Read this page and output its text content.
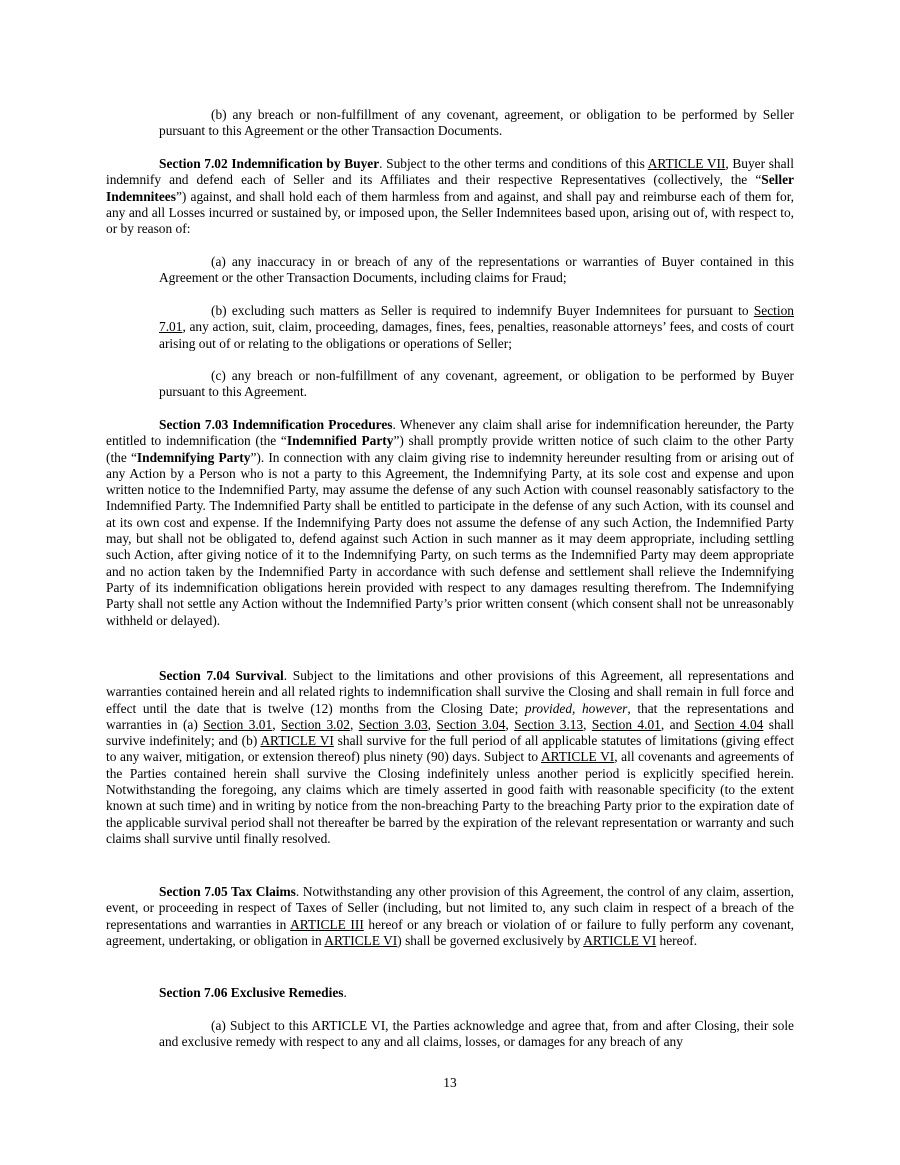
(b) any breach or non-fulfillment of any covenant, agreement, or obligation to be performed by Seller pursuant to this Agreement or the other Transaction Documents.

Section 7.02 Indemnification by Buyer. Subject to the other terms and conditions of this ARTICLE VII, Buyer shall indemnify and defend each of Seller and its Affiliates and their respective Representatives (collectively, the “Seller Indemnitees”) against, and shall hold each of them harmless from and against, and shall pay and reimburse each of them for, any and all Losses incurred or sustained by, or imposed upon, the Seller Indemnitees based upon, arising out of, with respect to, or by reason of:

(a) any inaccuracy in or breach of any of the representations or warranties of Buyer contained in this Agreement or the other Transaction Documents, including claims for Fraud;

(b) excluding such matters as Seller is required to indemnify Buyer Indemnitees for pursuant to Section 7.01, any action, suit, claim, proceeding, damages, fines, fees, penalties, reasonable attorneys’ fees, and costs of court arising out of or relating to the obligations or operations of Seller;

(c) any breach or non-fulfillment of any covenant, agreement, or obligation to be performed by Buyer pursuant to this Agreement.

Section 7.03 Indemnification Procedures. Whenever any claim shall arise for indemnification hereunder, the Party entitled to indemnification (the “Indemnified Party”) shall promptly provide written notice of such claim to the other Party (the “Indemnifying Party”). In connection with any claim giving rise to indemnity hereunder resulting from or arising out of any Action by a Person who is not a party to this Agreement, the Indemnifying Party, at its sole cost and expense and upon written notice to the Indemnified Party, may assume the defense of any such Action with counsel reasonably satisfactory to the Indemnified Party. The Indemnified Party shall be entitled to participate in the defense of any such Action, with its counsel and at its own cost and expense. If the Indemnifying Party does not assume the defense of any such Action, the Indemnified Party may, but shall not be obligated to, defend against such Action in such manner as it may deem appropriate, including settling such Action, after giving notice of it to the Indemnifying Party, on such terms as the Indemnified Party may deem appropriate and no action taken by the Indemnified Party in accordance with such defense and settlement shall relieve the Indemnifying Party of its indemnification obligations herein provided with respect to any damages resulting therefrom. The Indemnifying Party shall not settle any Action without the Indemnified Party’s prior written consent (which consent shall not be unreasonably withheld or delayed).

Section 7.04 Survival. Subject to the limitations and other provisions of this Agreement, all representations and warranties contained herein and all related rights to indemnification shall survive the Closing and shall remain in full force and effect until the date that is twelve (12) months from the Closing Date; provided, however, that the representations and warranties in (a) Section 3.01, Section 3.02, Section 3.03, Section 3.04, Section 3.13, Section 4.01, and Section 4.04 shall survive indefinitely; and (b) ARTICLE VI shall survive for the full period of all applicable statutes of limitations (giving effect to any waiver, mitigation, or extension thereof) plus ninety (90) days. Subject to ARTICLE VI, all covenants and agreements of the Parties contained herein shall survive the Closing indefinitely unless another period is explicitly specified herein. Notwithstanding the foregoing, any claims which are timely asserted in good faith with reasonable specificity (to the extent known at such time) and in writing by notice from the non-breaching Party to the breaching Party prior to the expiration date of the applicable survival period shall not thereafter be barred by the expiration of the relevant representation or warranty and such claims shall survive until finally resolved.

Section 7.05 Tax Claims. Notwithstanding any other provision of this Agreement, the control of any claim, assertion, event, or proceeding in respect of Taxes of Seller (including, but not limited to, any such claim in respect of a breach of the representations and warranties in ARTICLE III hereof or any breach or violation of or failure to fully perform any covenant, agreement, undertaking, or obligation in ARTICLE VI) shall be governed exclusively by ARTICLE VI hereof.

Section 7.06 Exclusive Remedies.

(a) Subject to this ARTICLE VI, the Parties acknowledge and agree that, from and after Closing, their sole and exclusive remedy with respect to any and all claims, losses, or damages for any breach of any

13
